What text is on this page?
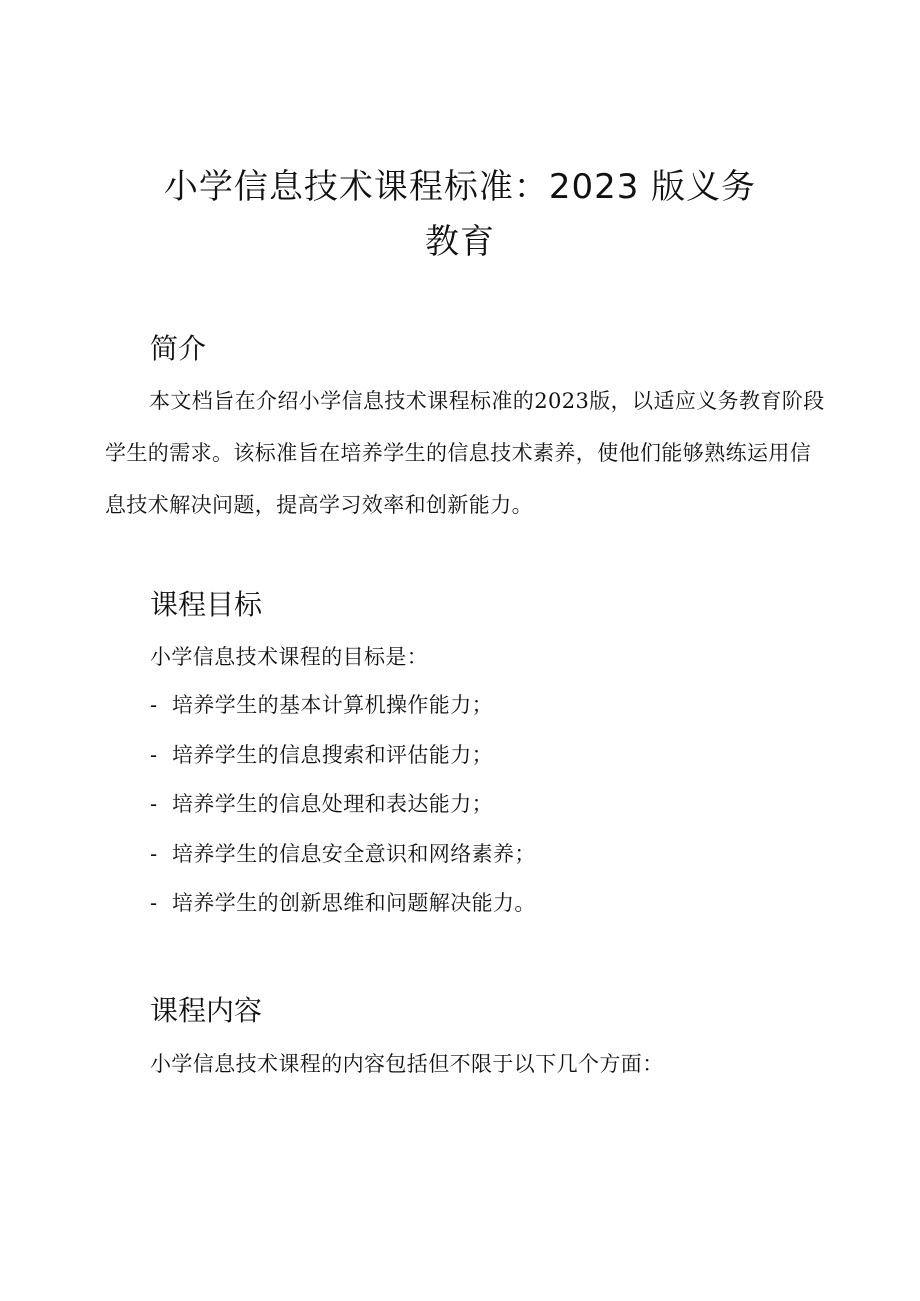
小学信息技术课程标准：2023 版义务教育
简介

本文档旨在介绍小学信息技术课程标准的2023版，以适应义务教育阶段学生的需求。该标准旨在培养学生的信息技术素养，使他们能够熟练运用信息技术解决问题，提高学习效率和创新能力。

课程目标

小学信息技术课程的目标是：

- 培养学生的基本计算机操作能力；
- 培养学生的信息搜索和评估能力；
- 培养学生的信息处理和表达能力；
- 培养学生的信息安全意识和网络素养；
- 培养学生的创新思维和问题解决能力。
课程内容

小学信息技术课程的内容包括但不限于以下几个方面：
